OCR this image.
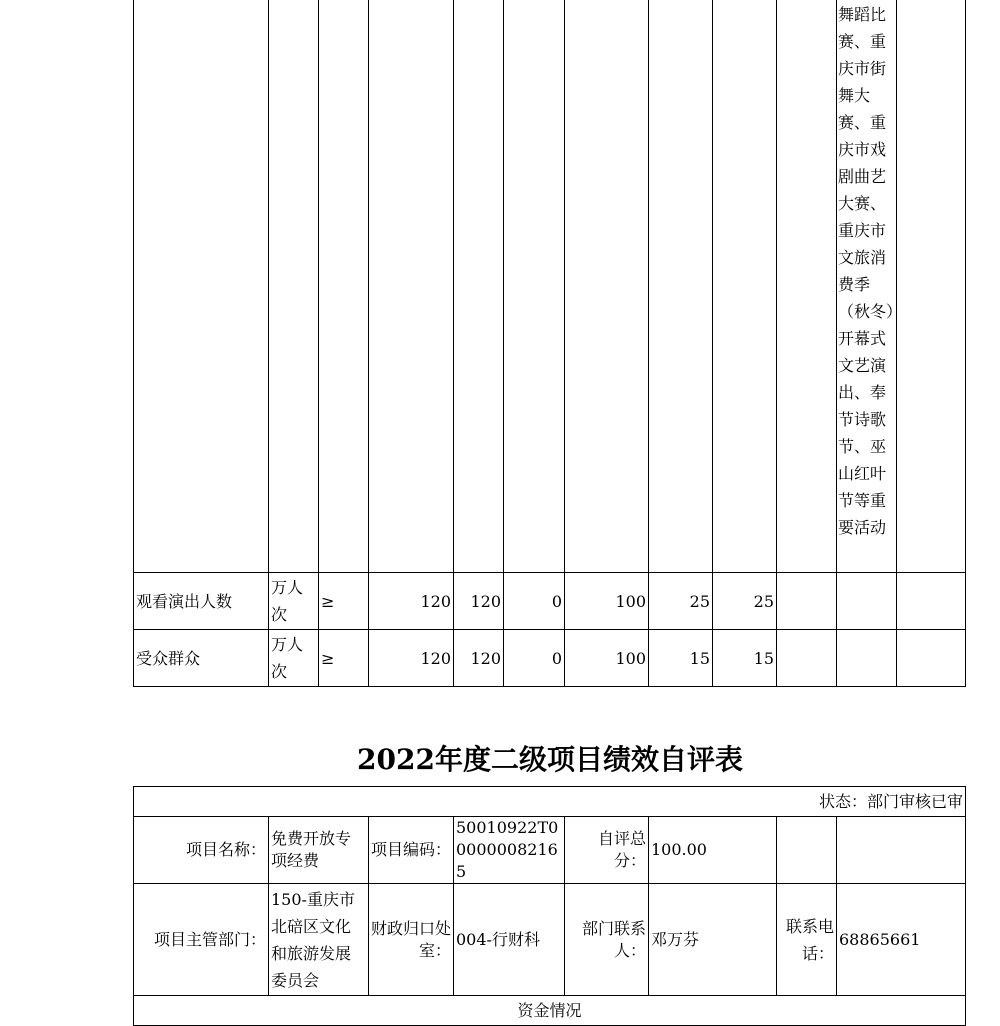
										舞蹈比赛、重庆市街舞大赛、重庆市戏剧曲艺大赛、重庆市文旅消费季（秋冬）开幕式文艺演出、奉节诗歌节、巫山红叶节等重要活动	
观看演出人数	万人次	≥	120	120	0	100	25	25			
受众群众	万人次	≥	120	120	0	100	15	15			
2022年度二级项目绩效自评表
状态：部门审核已审							
项目名称：	免费开放专项经费	项目编码：	50010922T000000082165	自评总分：	100.00		
项目主管部门：	150-重庆市北碚区文化和旅游发展委员会	财政归口处室：	004-行财科	部门联系人：	邓万芬	联系电话：	68865661
资金情况							
